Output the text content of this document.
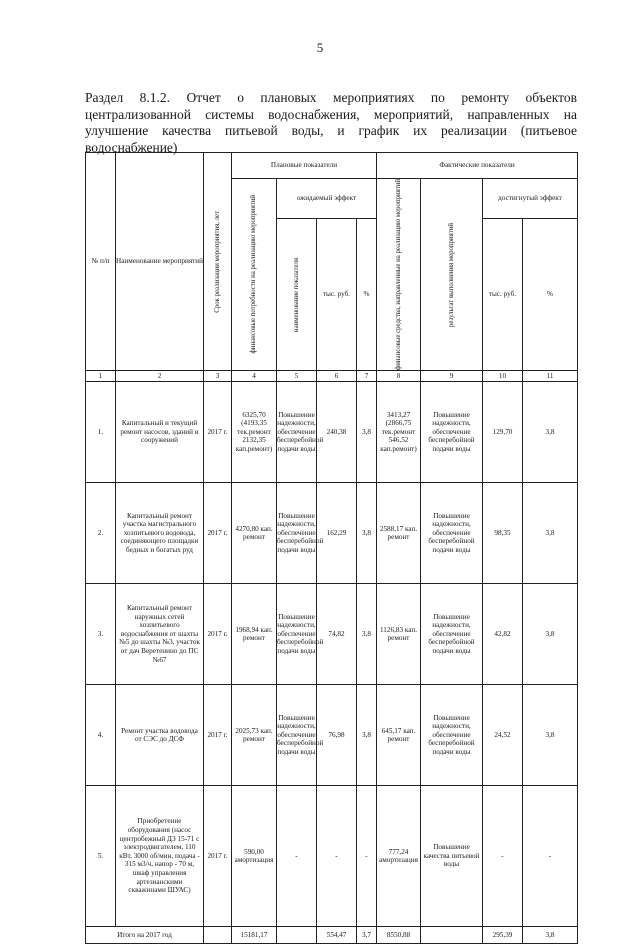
5
Раздел 8.1.2. Отчет о плановых мероприятиях по ремонту объектов
централизованной системы водоснабжения, мероприятий, направленных на
улучшение качества питьевой воды, и график их реализации (питьевое
водоснабжение)
№ п/п	Наименование мероприятий	Срок реализации мероприятия, лет	Плановые показатели				Фактические показатели			

			финансовые потребности на реализацию мероприятий	ожидаемый эффект			финансовые средства, направленные на реализацию мероприятий	результат выполнения мероприятий	достигнутый эффект	

				наименование показателя	тыс. руб.	%			тыс. руб.	%
1	2	3	4	5	6	7	8	9	10	11
1.	Капитальный и текущий ремонт насосов, зданий и сооружений	2017 г.	6325,70 (4193,35 тек.ремонт 2132,35 кап.ремонт)	Повышение надежности, обеспечение бесперебойной подачи воды	240,38	3,8	3413,27 (2866,75 тек.ремонт 546,52 кап.ремонт)	Повышение надежности, обеспечение бесперебойной подачи воды	129,70	3,8
2.	Капитальный ремонт участка магистрального хозпитьевого водовода, соединяющего площадки бедных и богатых руд	2017 г.	4270,80 кап. ремонт	Повышение надежности, обеспечение бесперебойной подачи воды	162,29	3,8	2588,17 кап. ремонт	Повышение надежности, обеспечение бесперебойной подачи воды	98,35	3,8
3.	Капитальный ремонт наружных сетей хозпитьевого водоснабжения от шахты №5 до шахты №3, участок от дач Веретенино до ПС №67	2017 г.	1968,94 кап. ремонт	Повышение надежности, обеспечение бесперебойной подачи воды	74,82	3,8	1126,83 кап. ремонт	Повышение надежности, обеспечение бесперебойной подачи воды	42,82	3,8
4.	Ремонт участка водовода от СЭС до ДСФ	2017 г.	2025,73 кап. ремонт	Повышение надежности, обеспечение бесперебойной подачи воды	76,98	3,8	645,17 кап. ремонт	Повышение надежности, обеспечение бесперебойной подачи воды	24,52	3,8
5.	Приобретение оборудования (насос центробежный ДЗ 15-71 с электродвигателем, 110 кВт, 3000 об/мин, подача - 315 м3/ч, напор - 70 м, шкаф управления артезианскими скважинами ШУАС)	2017 г.	590,00 амортизация	-	-	-	777,24 амортизация	Повышение качества питьевой воды	-	-
Итого на 2017 год			15181,17		554,47	3,7	8550,88		295,39	3,8
